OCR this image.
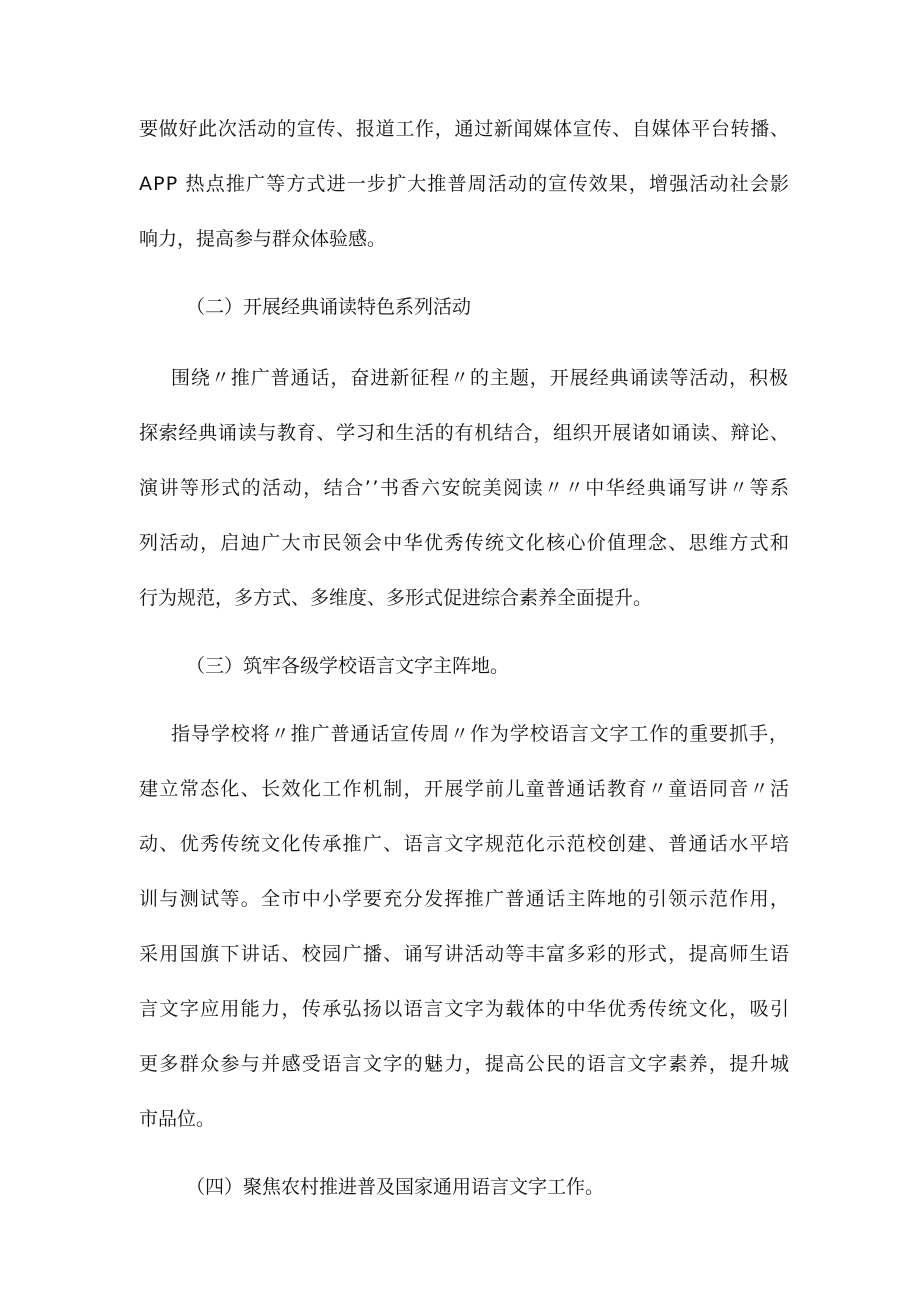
要做好此次活动的宣传、报道工作，通过新闻媒体宣传、自媒体平台转播、
APP 热点推广等方式进一步扩大推普周活动的宣传效果，增强活动社会影
响力，提高参与群众体验感。
（二）开展经典诵读特色系列活动
围绕〃推广普通话，奋进新征程〃的主题，开展经典诵读等活动，积极
探索经典诵读与教育、学习和生活的有机结合，组织开展诸如诵读、辩论、
演讲等形式的活动，结合’’书香六安皖美阅读〃〃中华经典诵写讲〃等系
列活动，启迪广大市民领会中华优秀传统文化核心价值理念、思维方式和
行为规范，多方式、多维度、多形式促进综合素养全面提升。
（三）筑牢各级学校语言文字主阵地。
指导学校将〃推广普通话宣传周〃作为学校语言文字工作的重要抓手，
建立常态化、长效化工作机制，开展学前儿童普通话教育〃童语同音〃活
动、优秀传统文化传承推广、语言文字规范化示范校创建、普通话水平培
训与测试等。全市中小学要充分发挥推广普通话主阵地的引领示范作用，
采用国旗下讲话、校园广播、诵写讲活动等丰富多彩的形式，提高师生语
言文字应用能力，传承弘扬以语言文字为载体的中华优秀传统文化，吸引
更多群众参与并感受语言文字的魅力，提高公民的语言文字素养，提升城
市品位。
（四）聚焦农村推进普及国家通用语言文字工作。
